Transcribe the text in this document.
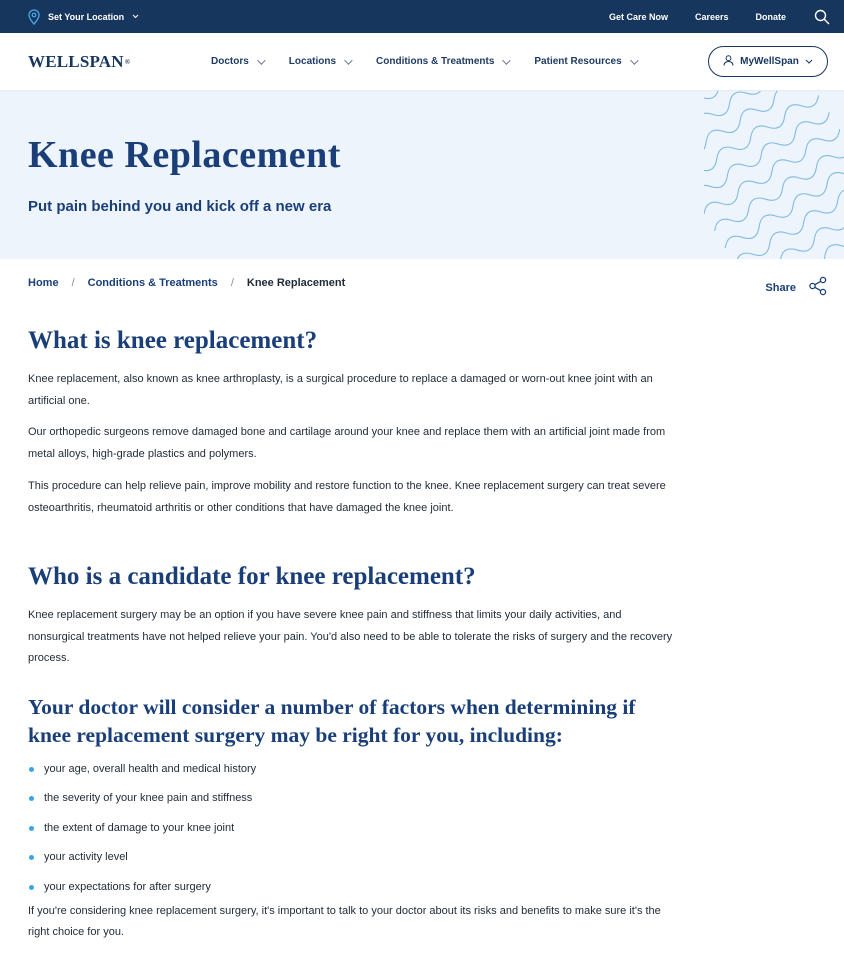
Set Your Location	Get Care Now	Careers	Donate
WELLSPAN ®	Doctors	Locations	Conditions & Treatments	Patient Resources	MyWellSpan
Knee Replacement
Put pain behind you and kick off a new era
Home / Conditions & Treatments / Knee Replacement	Share
What is knee replacement?

Knee replacement, also known as knee arthroplasty, is a surgical procedure to replace a damaged or worn-out knee joint with an artificial one.

Our orthopedic surgeons remove damaged bone and cartilage around your knee and replace them with an artificial joint made from metal alloys, high-grade plastics and polymers.

This procedure can help relieve pain, improve mobility and restore function to the knee. Knee replacement surgery can treat severe osteoarthritis, rheumatoid arthritis or other conditions that have damaged the knee joint.

Who is a candidate for knee replacement?

Knee replacement surgery may be an option if you have severe knee pain and stiffness that limits your daily activities, and nonsurgical treatments have not helped relieve your pain. You'd also need to be able to tolerate the risks of surgery and the recovery process.

Your doctor will consider a number of factors when determining if knee replacement surgery may be right for you, including:
your age, overall health and medical history
the severity of your knee pain and stiffness
the extent of damage to your knee joint
your activity level
your expectations for after surgery

If you're considering knee replacement surgery, it's important to talk to your doctor about its risks and benefits to make sure it's the right choice for you.
